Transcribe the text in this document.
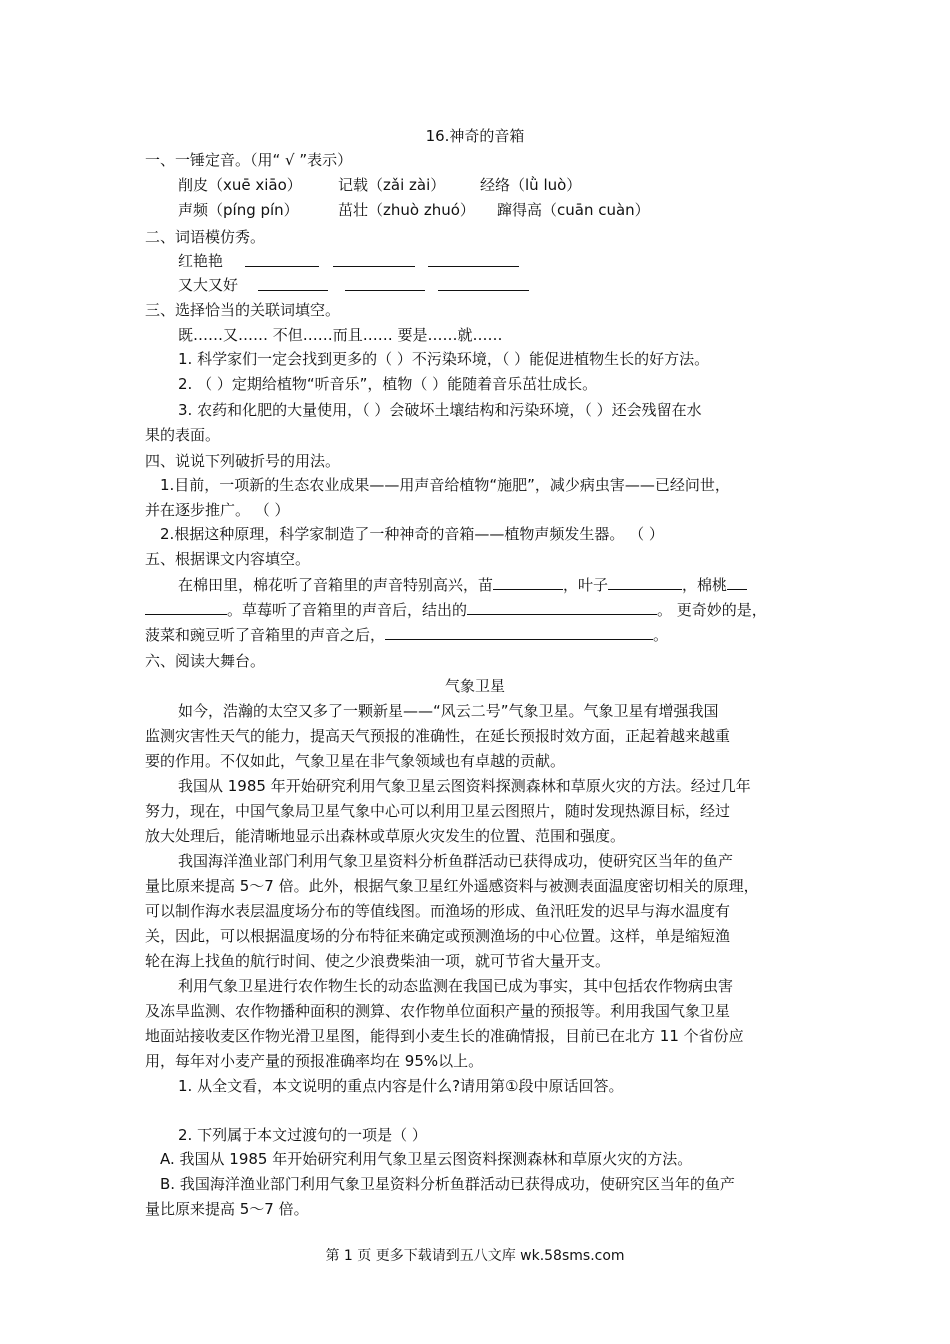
16.神奇的音箱
一、一锤定音。（用“ √ ”表示）
削皮（xuē xiāo） 记载（zǎi zài） 经络（lǜ luò）
声频（píng pín）	茁壮（zhuò zhuó） 蹿得高（cuān cuàn）
二、词语模仿秀。
红艳艳
又大又好
三、选择恰当的关联词填空。
既……又…… 不但……而且…… 要是……就……
1. 科学家们一定会找到更多的（ ）不污染环境，（ ）能促进植物生长的好方法。
2. （ ）定期给植物“听音乐”，植物（ ）能随着音乐茁壮成长。
3. 农药和化肥的大量使用，（ ）会破坏土壤结构和污染环境，（ ）还会残留在水
果的表面。
四、说说下列破折号的用法。
1.目前，一项新的生态农业成果——用声音给植物“施肥”，减少病虫害——已经问世，
并在逐步推广。 （ ）
2.根据这种原理，科学家制造了一种神奇的音箱——植物声频发生器。 （ ）
五、根据课文内容填空。
在棉田里，棉花听了音箱里的声音特别高兴，苗	，叶子	，棉桃
。草莓听了音箱里的声音后，结出的	。 更奇妙的是，
菠菜和豌豆听了音箱里的声音之后，	。
六、阅读大舞台。
气象卫星
如今，浩瀚的太空又多了一颗新星——“风云二号”气象卫星。气象卫星有增强我国
监测灾害性天气的能力，提高天气预报的准确性，在延长预报时效方面，正起着越来越重
要的作用。不仅如此，气象卫星在非气象领域也有卓越的贡献。
我国从 1985 年开始研究利用气象卫星云图资料探测森林和草原火灾的方法。经过几年
努力，现在，中国气象局卫星气象中心可以利用卫星云图照片，随时发现热源目标，经过
放大处理后，能清晰地显示出森林或草原火灾发生的位置、范围和强度。
我国海洋渔业部门利用气象卫星资料分析鱼群活动已获得成功，使研究区当年的鱼产
量比原来提高 5～7 倍。此外，根据气象卫星红外遥感资料与被测表面温度密切相关的原理，
可以制作海水表层温度场分布的等值线图。而渔场的形成、鱼汛旺发的迟早与海水温度有
关，因此，可以根据温度场的分布特征来确定或预测渔场的中心位置。这样，单是缩短渔
轮在海上找鱼的航行时间、使之少浪费柴油一项，就可节省大量开支。
利用气象卫星进行农作物生长的动态监测在我国已成为事实，其中包括农作物病虫害
及冻旱监测、农作物播种面积的测算、农作物单位面积产量的预报等。利用我国气象卫星
地面站接收麦区作物光滑卫星图，能得到小麦生长的准确情报，目前已在北方 11 个省份应
用，每年对小麦产量的预报准确率均在 95%以上。
1. 从全文看，本文说明的重点内容是什么?请用第①段中原话回答。
2. 下列属于本文过渡句的一项是（ ）
A. 我国从 1985 年开始研究利用气象卫星云图资料探测森林和草原火灾的方法。
B. 我国海洋渔业部门利用气象卫星资料分析鱼群活动已获得成功，使研究区当年的鱼产
量比原来提高 5～7 倍。
第 1 页 更多下载请到五八文库 wk.58sms.com
